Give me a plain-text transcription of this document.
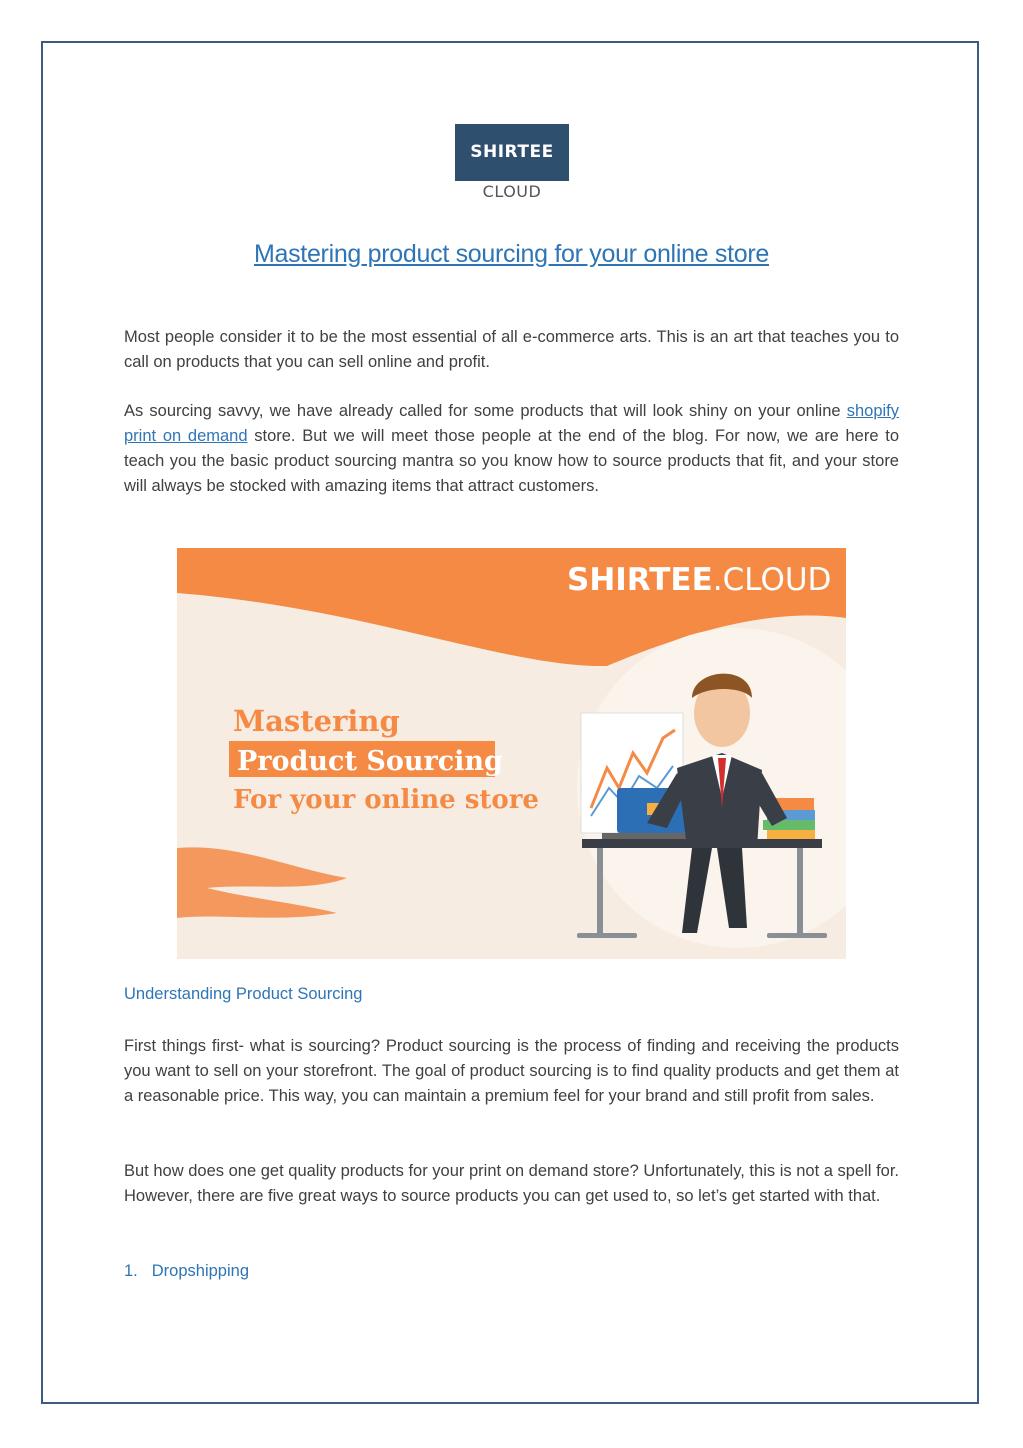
SHIRTEE
CLOUD
Mastering product sourcing for your online store

Most people consider it to be the most essential of all e-commerce arts. This is an art that teaches you to call on products that you can sell online and profit.

As sourcing savvy, we have already called for some products that will look shiny on your online shopify print on demand store. But we will meet those people at the end of the blog. For now, we are here to teach you the basic product sourcing mantra so you know how to source products that fit, and your store will always be stocked with amazing items that attract customers.

SHIRTEE.CLOUD
Mastering
Product Sourcing
For your online store
Understanding Product Sourcing

First things first- what is sourcing? Product sourcing is the process of finding and receiving the products you want to sell on your storefront. The goal of product sourcing is to find quality products and get them at a reasonable price. This way, you can maintain a premium feel for your brand and still profit from sales.

But how does one get quality products for your print on demand store? Unfortunately, this is not a spell for. However, there are five great ways to source products you can get used to, so let’s get started with that.

1. Dropshipping
